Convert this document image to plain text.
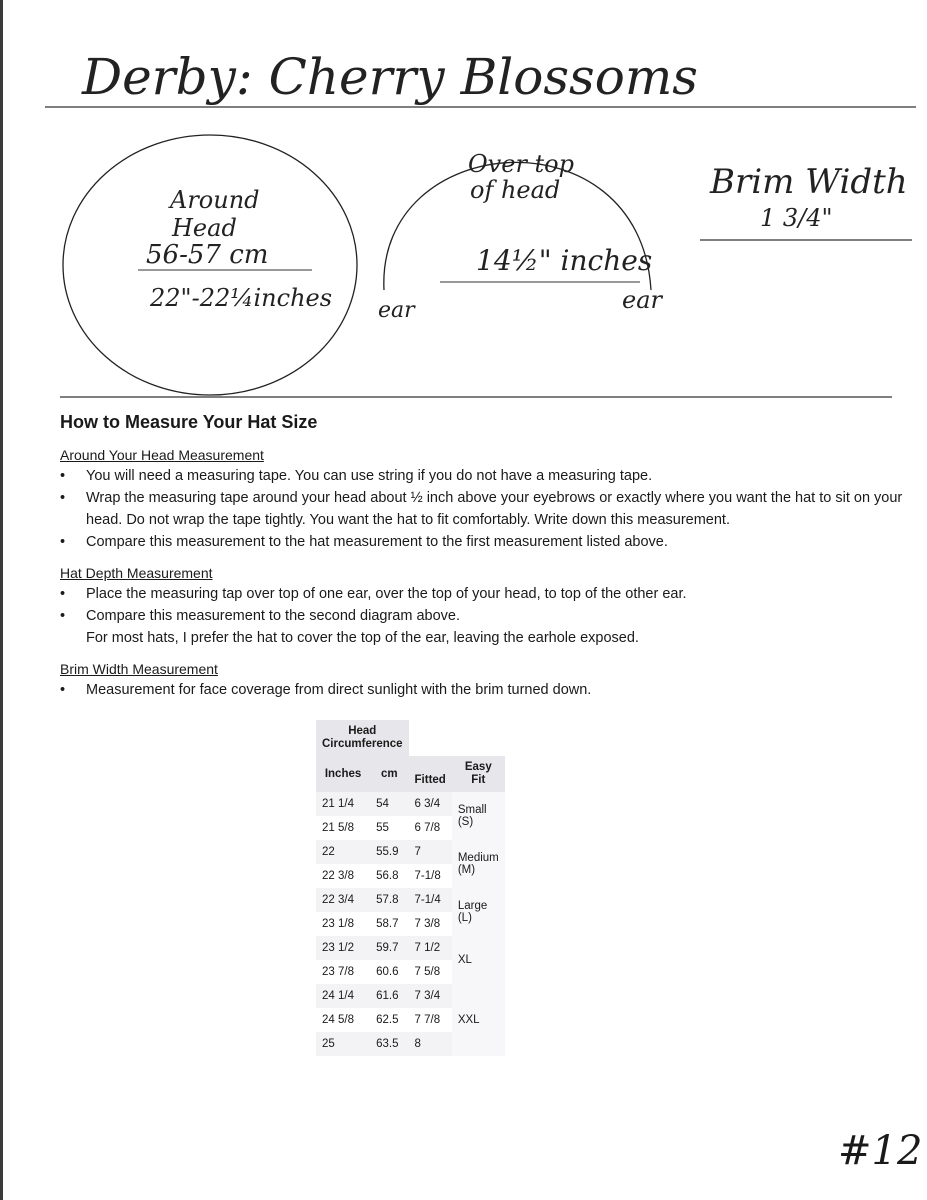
Derby: Cherry Blossoms
Around
Head
56-57 cm
22"-22¼inches
Over top
of head
14½" inches
ear	ear
Brim Width
1 3/4"
How to Measure Your Hat Size
Around Your Head Measurement
• You will need a measuring tape. You can use string if you do not have a measuring tape.
• Wrap the measuring tape around your head about ½ inch above your eyebrows or exactly where you want the hat to sit on your head. Do not wrap the tape tightly. You want the hat to fit comfortably. Write down this measurement.
• Compare this measurement to the hat measurement to the first measurement listed above.
Hat Depth Measurement
• Place the measuring tap over top of one ear, over the top of your head, to top of the other ear.
• Compare this measurement to the second diagram above.
For most hats, I prefer the hat to cover the top of the ear, leaving the earhole exposed.
Brim Width Measurement
• Measurement for face coverage from direct sunlight with the brim turned down.
Head Circumference			
Inches	cm	Fitted	Easy Fit
21 1/4	54	6 3/4	Small (S)
21 5/8	55	6 7/8	
22	55.9	7	Medium (M)
22 3/8	56.8	7-1/8	
22 3/4	57.8	7-1/4	Large (L)
23 1/8	58.7	7 3/8	
23 1/2	59.7	7 1/2	XL
23 7/8	60.6	7 5/8	
24 1/4	61.6	7 3/4	XXL
24 5/8	62.5	7 7/8	
25	63.5	8	
#12
